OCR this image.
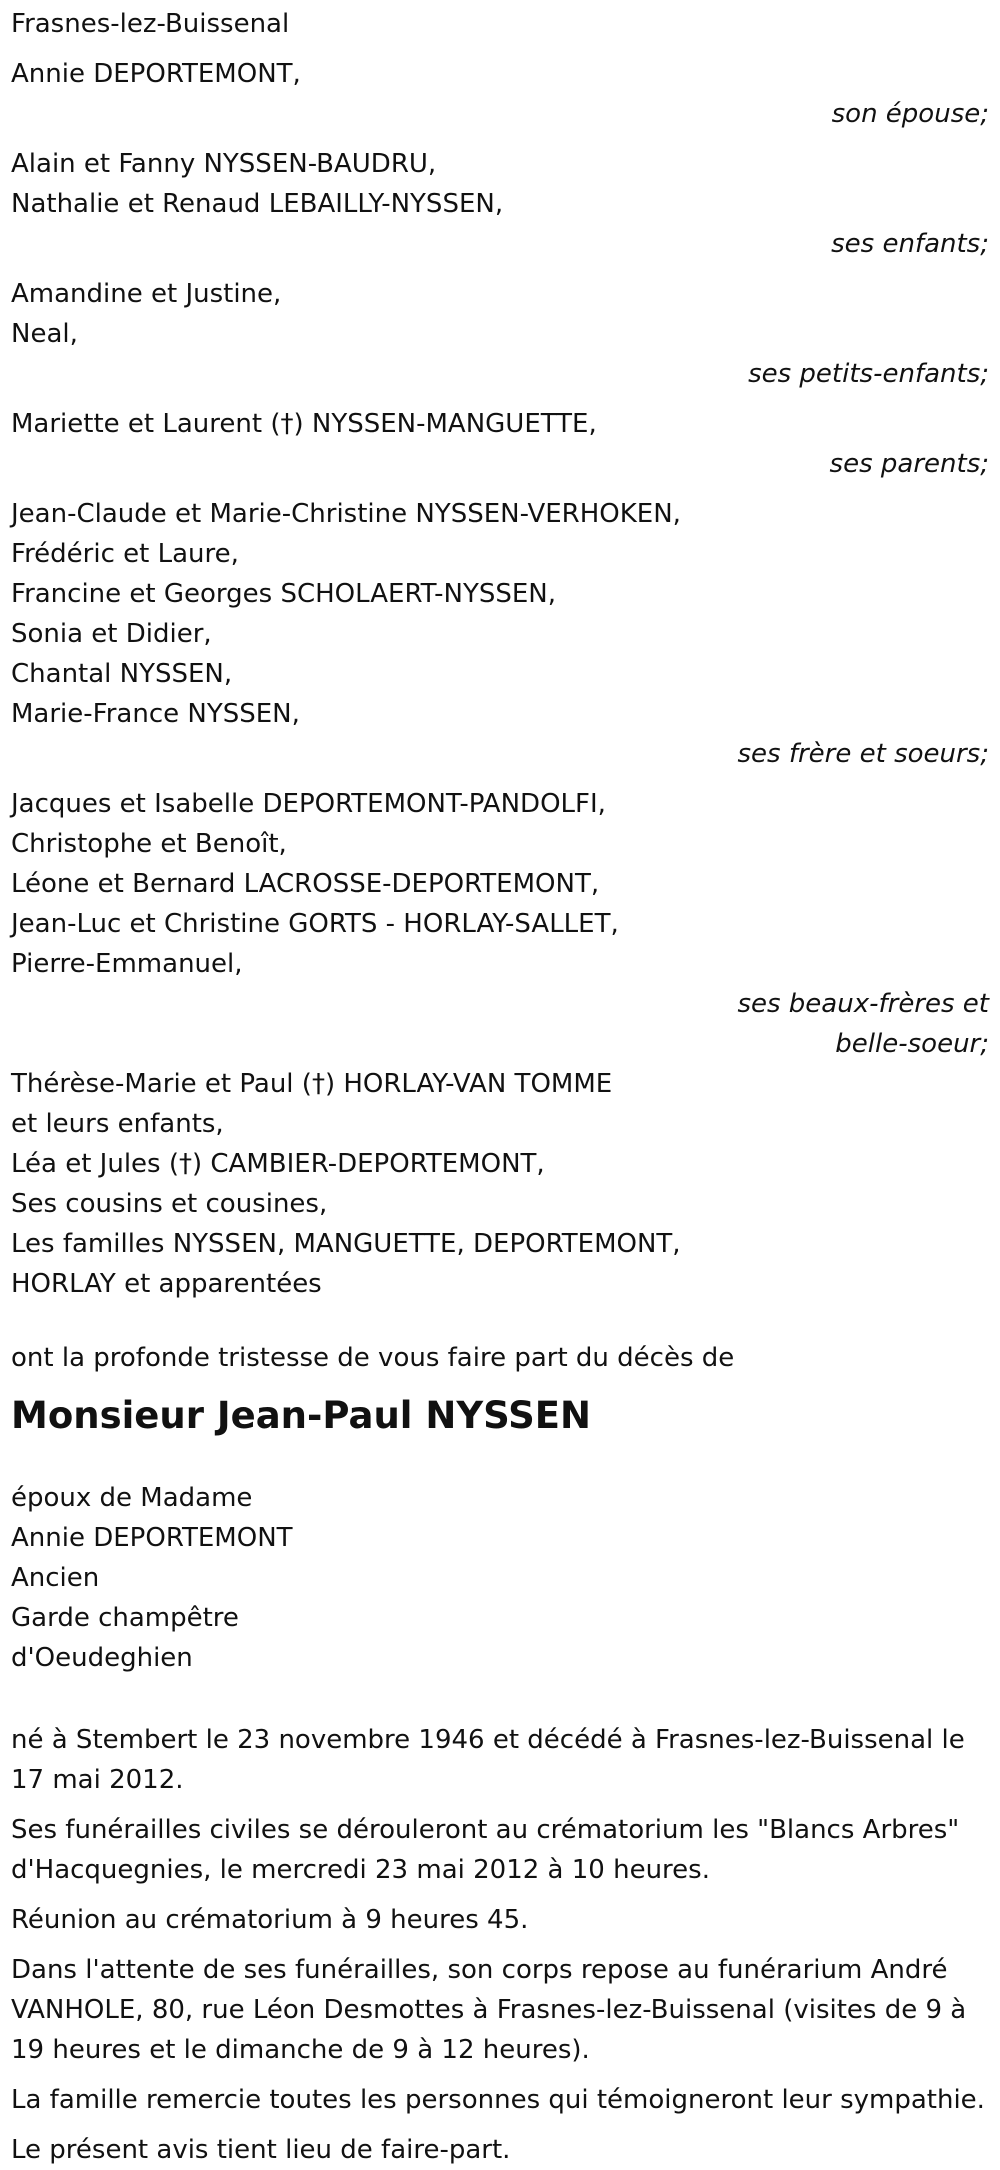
Frasnes-lez-Buissenal
Annie DEPORTEMONT,
son épouse;
Alain et Fanny NYSSEN-BAUDRU,
Nathalie et Renaud LEBAILLY-NYSSEN,
ses enfants;
Amandine et Justine,
Neal,
ses petits-enfants;
Mariette et Laurent (†) NYSSEN-MANGUETTE,
ses parents;
Jean-Claude et Marie-Christine NYSSEN-VERHOKEN,
Frédéric et Laure,
Francine et Georges SCHOLAERT-NYSSEN,
Sonia et Didier,
Chantal NYSSEN,
Marie-France NYSSEN,
ses frère et soeurs;
Jacques et Isabelle DEPORTEMONT-PANDOLFI,
Christophe et Benoît,
Léone et Bernard LACROSSE-DEPORTEMONT,
Jean-Luc et Christine GORTS - HORLAY-SALLET,
Pierre-Emmanuel,
ses beaux-frères et
belle-soeur;
Thérèse-Marie et Paul (†) HORLAY-VAN TOMME
et leurs enfants,
Léa et Jules (†) CAMBIER-DEPORTEMONT,
Ses cousins et cousines,
Les familles NYSSEN, MANGUETTE, DEPORTEMONT,
HORLAY et apparentées
ont la profonde tristesse de vous faire part du décès de
Monsieur Jean-Paul NYSSEN
époux de Madame
Annie DEPORTEMONT
Ancien
Garde champêtre
d'Oeudeghien

né à Stembert le 23 novembre 1946 et décédé à Frasnes-lez-Buissenal le 17 mai 2012.

Ses funérailles civiles se dérouleront au crématorium les "Blancs Arbres" d'Hacquegnies, le mercredi 23 mai 2012 à 10 heures.

Réunion au crématorium à 9 heures 45.

Dans l'attente de ses funérailles, son corps repose au funérarium André VANHOLE, 80, rue Léon Desmottes à Frasnes-lez-Buissenal (visites de 9 à 19 heures et le dimanche de 9 à 12 heures).

La famille remercie toutes les personnes qui témoigneront leur sympathie.

Le présent avis tient lieu de faire-part.
